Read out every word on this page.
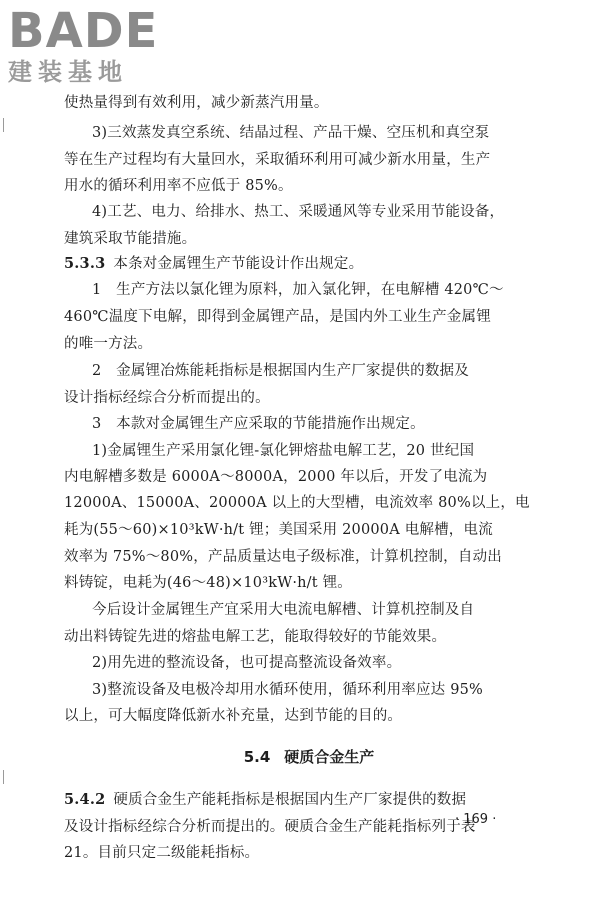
BADE
建装基地
使热量得到有效利用，减少新蒸汽用量。
3)三效蒸发真空系统、结晶过程、产品干燥、空压机和真空泵
等在生产过程均有大量回水，采取循环利用可减少新水用量，生产
用水的循环利用率不应低于 85%。
4)工艺、电力、给排水、热工、采暖通风等专业采用节能设备，
建筑采取节能措施。
5.3.3 本条对金属锂生产节能设计作出规定。
1　生产方法以氯化锂为原料，加入氯化钾，在电解槽 420℃～
460℃温度下电解，即得到金属锂产品，是国内外工业生产金属锂
的唯一方法。
2　金属锂冶炼能耗指标是根据国内生产厂家提供的数据及
设计指标经综合分析而提出的。
3　本款对金属锂生产应采取的节能措施作出规定。
1)金属锂生产采用氯化锂-氯化钾熔盐电解工艺，20 世纪国
内电解槽多数是 6000A～8000A，2000 年以后，开发了电流为
12000A、15000A、20000A 以上的大型槽，电流效率 80%以上，电
耗为(55～60)×10³kW·h/t 锂；美国采用 20000A 电解槽，电流
效率为 75%～80%，产品质量达电子级标准，计算机控制，自动出
料铸锭，电耗为(46～48)×10³kW·h/t 锂。
今后设计金属锂生产宜采用大电流电解槽、计算机控制及自
动出料铸锭先进的熔盐电解工艺，能取得较好的节能效果。
2)用先进的整流设备，也可提高整流设备效率。
3)整流设备及电极冷却用水循环使用，循环利用率应达 95%
以上，可大幅度降低新水补充量，达到节能的目的。
5.4 硬质合金生产
5.4.2 硬质合金生产能耗指标是根据国内生产厂家提供的数据
及设计指标经综合分析而提出的。硬质合金生产能耗指标列于表
21。目前只定二级能耗指标。
· 169 ·
